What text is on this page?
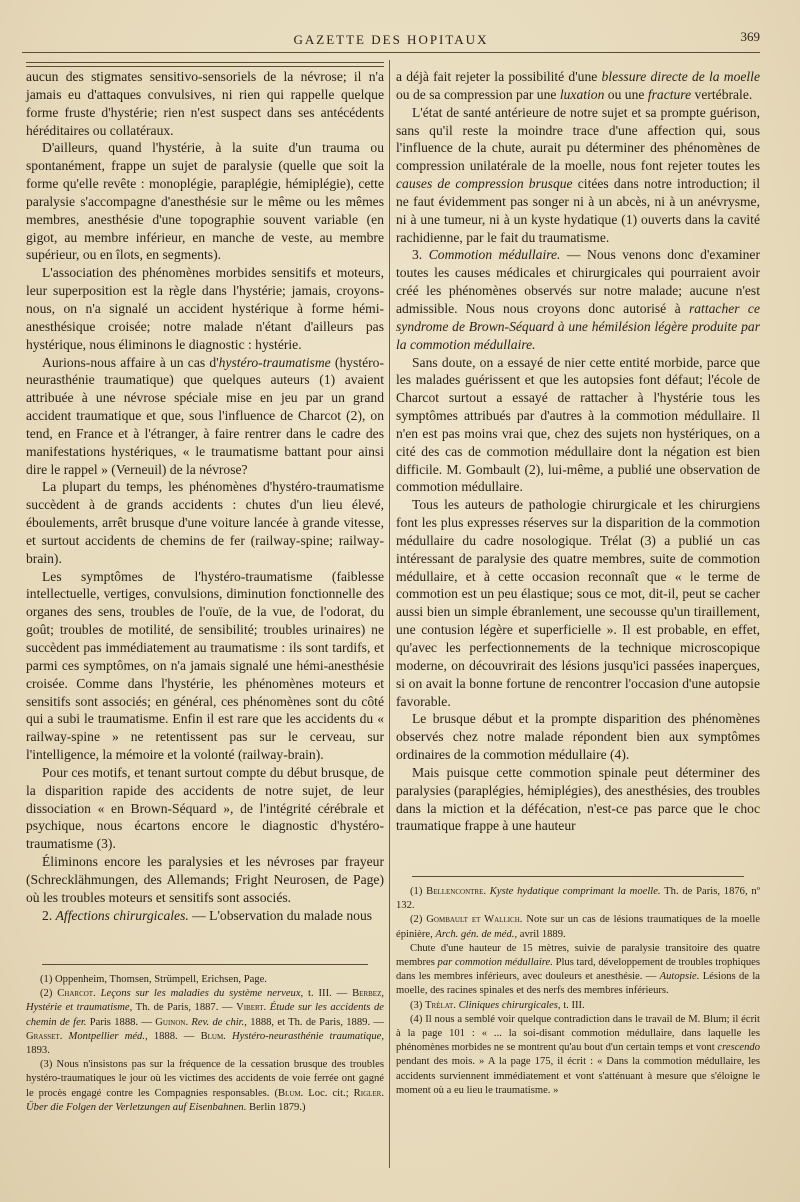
GAZETTE DES HOPITAUX	369

aucun des stigmates sensitivo-sensoriels de la névrose; il n'a jamais eu d'attaques convulsives, ni rien qui rappelle quelque forme fruste d'hystérie; rien n'est suspect dans ses antécédents héréditaires ou collatéraux.

D'ailleurs, quand l'hystérie, à la suite d'un trauma ou spontanément, frappe un sujet de paralysie (quelle que soit la forme qu'elle revête : monoplégie, paraplégie, hémiplégie), cette paralysie s'accompagne d'anesthésie sur le même ou les mêmes membres, anesthésie d'une topographie souvent variable (en gigot, au membre inférieur, en manche de veste, au membre supérieur, ou en îlots, en segments).

L'association des phénomènes morbides sensitifs et moteurs, leur superposition est la règle dans l'hystérie; jamais, croyons-nous, on n'a signalé un accident hystérique à forme hémi-anesthésique croisée; notre malade n'étant d'ailleurs pas hystérique, nous éliminons le diagnostic : hystérie.

Aurions-nous affaire à un cas d'hystéro-traumatisme (hystéro-neurasthénie traumatique) que quelques auteurs (1) avaient attribuée à une névrose spéciale mise en jeu par un grand accident traumatique et que, sous l'influence de Charcot (2), on tend, en France et à l'étranger, à faire rentrer dans le cadre des manifestations hystériques, « le traumatisme battant pour ainsi dire le rappel » (Verneuil) de la névrose?

La plupart du temps, les phénomènes d'hystéro-traumatisme succèdent à de grands accidents : chutes d'un lieu élevé, éboulements, arrêt brusque d'une voiture lancée à grande vitesse, et surtout accidents de chemins de fer (railway-spine; railway-brain).

Les symptômes de l'hystéro-traumatisme (faiblesse intellectuelle, vertiges, convulsions, diminution fonctionnelle des organes des sens, troubles de l'ouïe, de la vue, de l'odorat, du goût; troubles de motilité, de sensibilité; troubles urinaires) ne succèdent pas immédiatement au traumatisme : ils sont tardifs, et parmi ces symptômes, on n'a jamais signalé une hémi-anesthésie croisée. Comme dans l'hystérie, les phénomènes moteurs et sensitifs sont associés; en général, ces phénomènes sont du côté qui a subi le traumatisme. Enfin il est rare que les accidents du « railway-spine » ne retentissent pas sur le cerveau, sur l'intelligence, la mémoire et la volonté (railway-brain).

Pour ces motifs, et tenant surtout compte du début brusque, de la disparition rapide des accidents de notre sujet, de leur dissociation « en Brown-Séquard », de l'intégrité cérébrale et psychique, nous écartons encore le diagnostic d'hystéro-traumatisme (3).

Éliminons encore les paralysies et les névroses par frayeur (Schrecklähmungen, des Allemands; Fright Neurosen, de Page) où les troubles moteurs et sensitifs sont associés.

2. Affections chirurgicales. — L'observation du malade nous

(1) Oppenheim, Thomsen, Strümpell, Erichsen, Page.

(2) Charcot. Leçons sur les maladies du système nerveux, t. III. — Berbez, Hystérie et traumatisme, Th. de Paris, 1887. — Vibert. Étude sur les accidents de chemin de fer. Paris 1888. — Guinon. Rev. de chir., 1888, et Th. de Paris, 1889. — Grasset. Montpellier méd., 1888. — Blum. Hystéro-neurasthénie traumatique, 1893.

(3) Nous n'insistons pas sur la fréquence de la cessation brusque des troubles hystéro-traumatiques le jour où les victimes des accidents de voie ferrée ont gagné le procès engagé contre les Compagnies responsables. (Blum. Loc. cit.; Rigler. Über die Folgen der Verletzungen auf Eisenbahnen. Berlin 1879.)

a déjà fait rejeter la possibilité d'une blessure directe de la moelle ou de sa compression par une luxation ou une fracture vertébrale.

L'état de santé antérieure de notre sujet et sa prompte guérison, sans qu'il reste la moindre trace d'une affection qui, sous l'influence de la chute, aurait pu déterminer des phénomènes de compression unilatérale de la moelle, nous font rejeter toutes les causes de compression brusque citées dans notre introduction; il ne faut évidemment pas songer ni à un abcès, ni à un anévrysme, ni à une tumeur, ni à un kyste hydatique (1) ouverts dans la cavité rachidienne, par le fait du traumatisme.

3. Commotion médullaire. — Nous venons donc d'examiner toutes les causes médicales et chirurgicales qui pourraient avoir créé les phénomènes observés sur notre malade; aucune n'est admissible. Nous nous croyons donc autorisé à rattacher ce syndrome de Brown-Séquard à une hémilésion légère produite par la commotion médullaire.

Sans doute, on a essayé de nier cette entité morbide, parce que les malades guérissent et que les autopsies font défaut; l'école de Charcot surtout a essayé de rattacher à l'hystérie tous les symptômes attribués par d'autres à la commotion médullaire. Il n'en est pas moins vrai que, chez des sujets non hystériques, on a cité des cas de commotion médullaire dont la négation est bien difficile. M. Gombault (2), lui-même, a publié une observation de commotion médullaire.

Tous les auteurs de pathologie chirurgicale et les chirurgiens font les plus expresses réserves sur la disparition de la commotion médullaire du cadre nosologique. Trélat (3) a publié un cas intéressant de paralysie des quatre membres, suite de commotion médullaire, et à cette occasion reconnaît que « le terme de commotion est un peu élastique; sous ce mot, dit-il, peut se cacher aussi bien un simple ébranlement, une secousse qu'un tiraillement, une contusion légère et superficielle ». Il est probable, en effet, qu'avec les perfectionnements de la technique microscopique moderne, on découvrirait des lésions jusqu'ici passées inaperçues, si on avait la bonne fortune de rencontrer l'occasion d'une autopsie favorable.

Le brusque début et la prompte disparition des phénomènes observés chez notre malade répondent bien aux symptômes ordinaires de la commotion médullaire (4).

Mais puisque cette commotion spinale peut déterminer des paralysies (paraplégies, hémiplégies), des anesthésies, des troubles dans la miction et la défécation, n'est-ce pas parce que le choc traumatique frappe à une hauteur

(1) Bellencontre. Kyste hydatique comprimant la moelle. Th. de Paris, 1876, nº 132.

(2) Gombault et Wallich. Note sur un cas de lésions traumatiques de la moelle épinière, Arch. gén. de méd., avril 1889.

Chute d'une hauteur de 15 mètres, suivie de paralysie transitoire des quatre membres par commotion médullaire. Plus tard, développement de troubles trophiques dans les membres inférieurs, avec douleurs et anesthésie. — Autopsie. Lésions de la moelle, des racines spinales et des nerfs des membres inférieurs.

(3) Trélat. Cliniques chirurgicales, t. III.

(4) Il nous a semblé voir quelque contradiction dans le travail de M. Blum; il écrit à la page 101 : « ... la soi-disant commotion médullaire, dans laquelle les phénomènes morbides ne se montrent qu'au bout d'un certain temps et vont crescendo pendant des mois. » A la page 175, il écrit : « Dans la commotion médullaire, les accidents surviennent immédiatement et vont s'atténuant à mesure que s'éloigne le moment où a eu lieu le traumatisme. »
